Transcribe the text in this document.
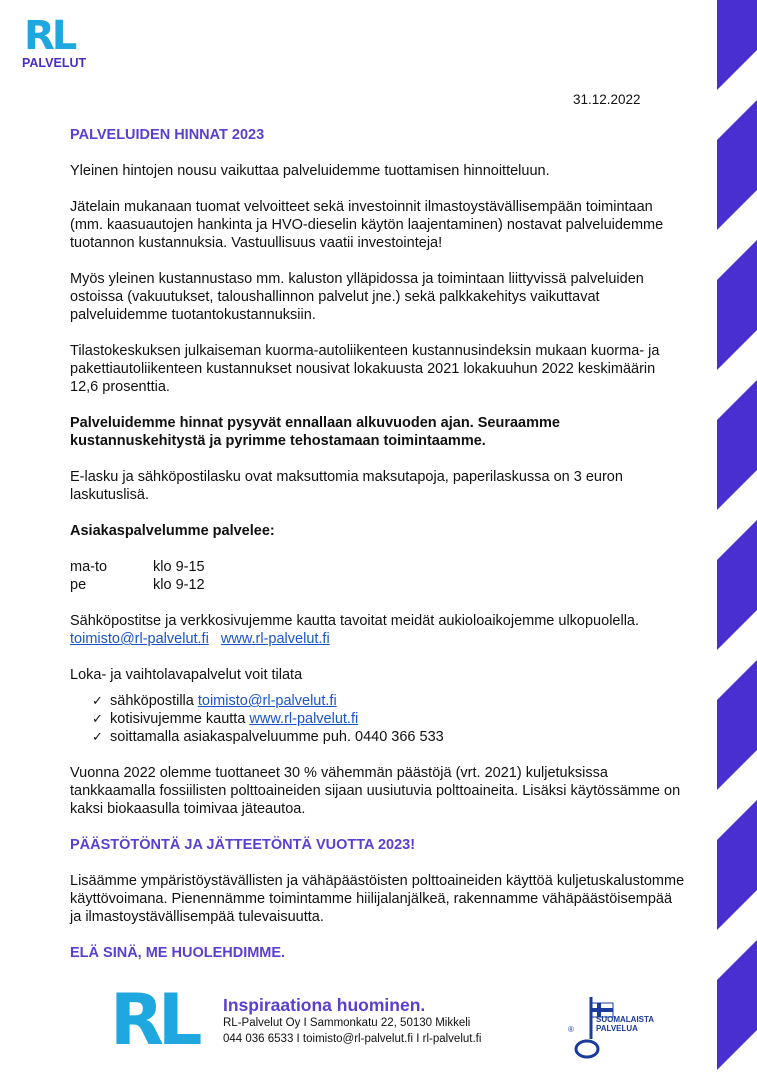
RL
PALVELUT
31.12.2022
PALVELUIDEN HINNAT 2023

Yleinen hintojen nousu vaikuttaa palveluidemme tuottamisen hinnoitteluun.

Jätelain mukanaan tuomat velvoitteet sekä investoinnit ilmastoystävällisempään toimintaan (mm. kaasuautojen hankinta ja HVO-dieselin käytön laajentaminen) nostavat palveluidemme tuotannon kustannuksia. Vastuullisuus vaatii investointeja!

Myös yleinen kustannustaso mm. kaluston ylläpidossa ja toimintaan liittyvissä palveluiden ostoissa (vakuutukset, taloushallinnon palvelut jne.) sekä palkkakehitys vaikuttavat palveluidemme tuotantokustannuksiin.

Tilastokeskuksen julkaiseman kuorma-autoliikenteen kustannusindeksin mukaan kuorma- ja pakettiautoliikenteen kustannukset nousivat lokakuusta 2021 lokakuuhun 2022 keskimäärin 12,6 prosenttia.

Palveluidemme hinnat pysyvät ennallaan alkuvuoden ajan. Seuraamme kustannuskehitystä ja pyrimme tehostamaan toimintaamme.

E-lasku ja sähköpostilasku ovat maksuttomia maksutapoja, paperilaskussa on 3 euron laskutuslisä.

Asiakaspalvelumme palvelee:

ma-to	klo 9-15
pe	klo 9-12

Sähköpostitse ja verkkosivujemme kautta tavoitat meidät aukioloaikojemme ulkopuolella.
toimisto@rl-palvelut.fi www.rl-palvelut.fi

Loka- ja vaihtolavapalvelut voit tilata

✓ sähköpostilla
toimisto@rl-palvelut.fi
✓ kotisivujemme kautta
www.rl-palvelut.fi
✓ soittamalla asiakaspalveluumme puh. 0440 366 533

Vuonna 2022 olemme tuottaneet 30 % vähemmän päästöjä (vrt. 2021) kuljetuksissa tankkaamalla fossiilisten polttoaineiden sijaan uusiutuvia polttoaineita. Lisäksi käytössämme on kaksi biokaasulla toimivaa jäteautoa.

PÄÄSTÖTÖNTÄ JA JÄTTEETÖNTÄ VUOTTA 2023!

Lisäämme ympäristöystävällisten ja vähäpäästöisten polttoaineiden käyttöä kuljetuskalustomme käyttövoimana. Pienennämme toimintamme hiilijalanjälkeä, rakennamme vähäpäästöisempää ja ilmastoystävällisempää tulevaisuutta.

ELÄ SINÄ, ME HUOLEHDIMME.
RL Inspiraationa huominen.
RL-Palvelut Oy I Sammonkatu 22, 50130 Mikkeli
044 036 6533 I toimisto@rl-palvelut.fi I rl-palvelut.fi
SUOMALAISTA
PALVELUA
®
